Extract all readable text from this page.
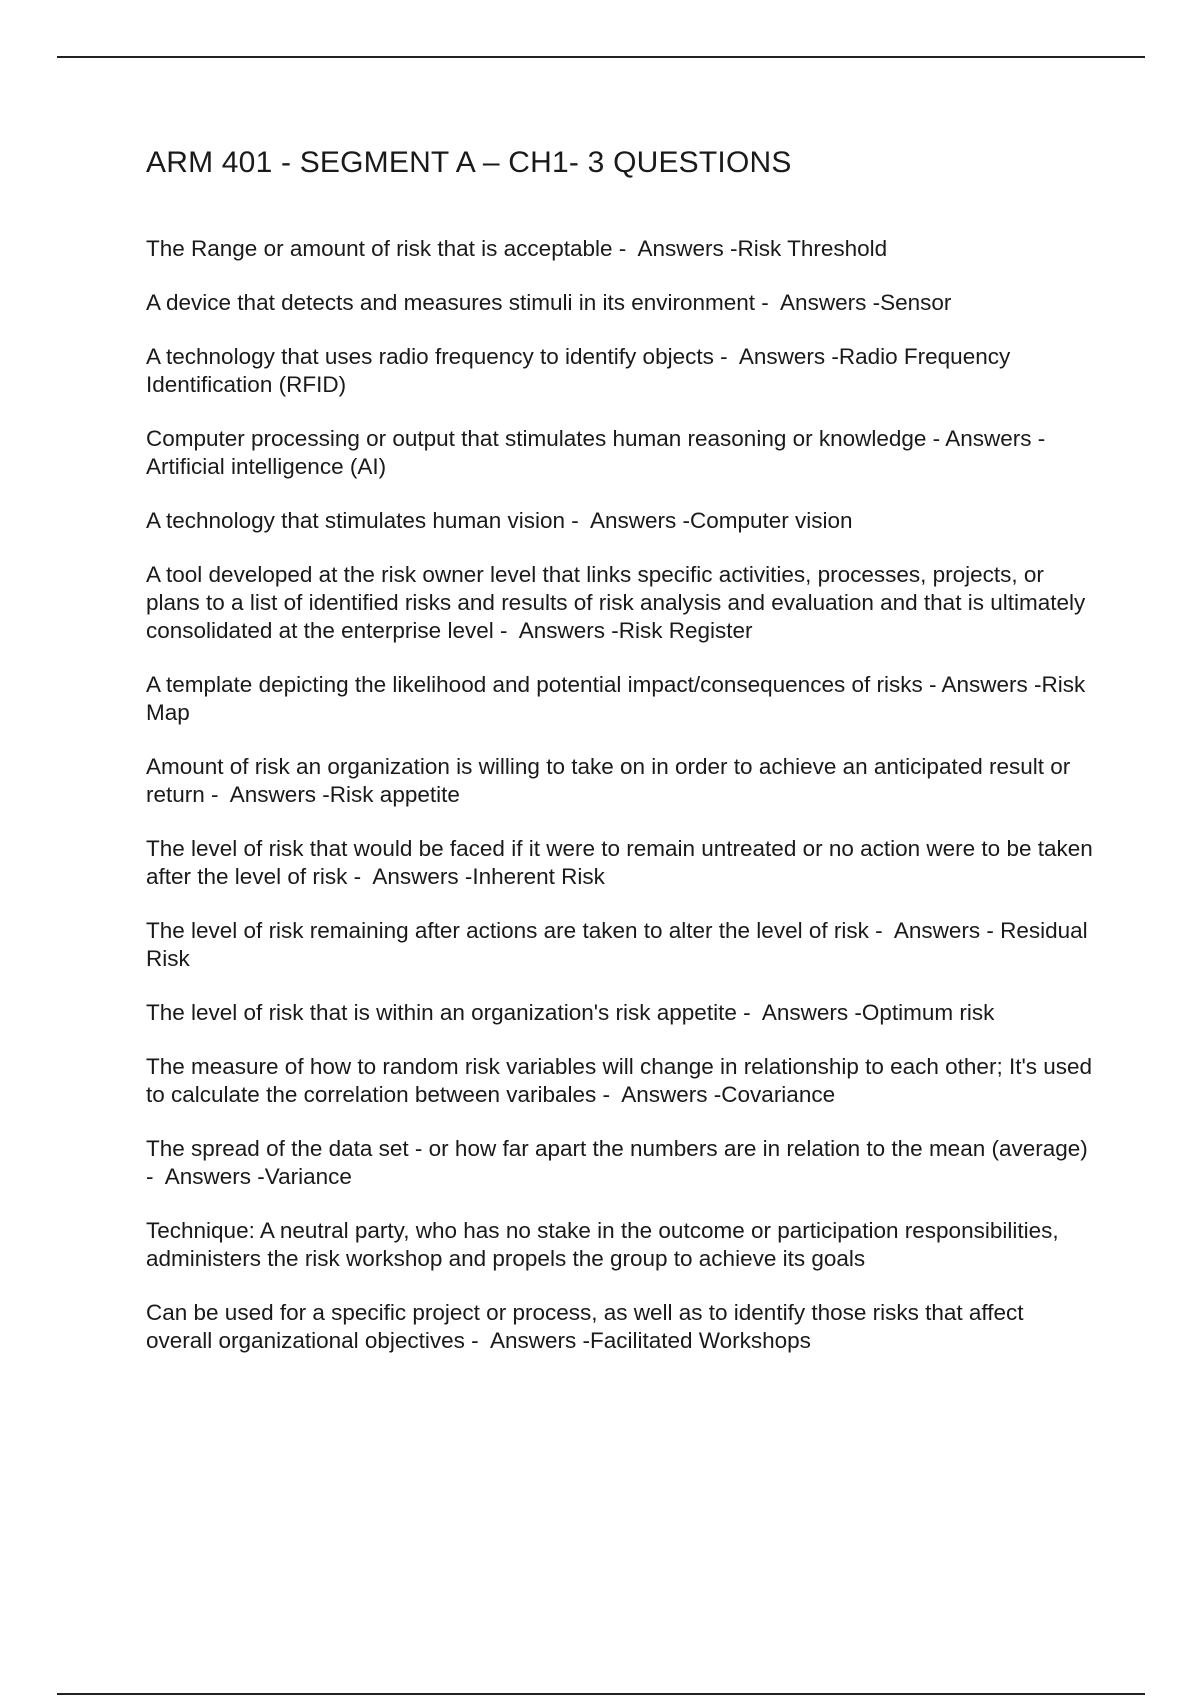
ARM 401 - SEGMENT A – CH1- 3 QUESTIONS

The Range or amount of risk that is acceptable -  Answers -Risk Threshold

A device that detects and measures stimuli in its environment -  Answers -Sensor

A technology that uses radio frequency to identify objects -  Answers -Radio Frequency Identification (RFID)

Computer processing or output that stimulates human reasoning or knowledge - Answers -Artificial intelligence (AI)

A technology that stimulates human vision -  Answers -Computer vision

A tool developed at the risk owner level that links specific activities, processes, projects, or plans to a list of identified risks and results of risk analysis and evaluation and that is ultimately consolidated at the enterprise level -  Answers -Risk Register

A template depicting the likelihood and potential impact/consequences of risks - Answers -Risk Map

Amount of risk an organization is willing to take on in order to achieve an anticipated result or return -  Answers -Risk appetite

The level of risk that would be faced if it were to remain untreated or no action were to be taken after the level of risk -  Answers -Inherent Risk

The level of risk remaining after actions are taken to alter the level of risk -  Answers - Residual Risk

The level of risk that is within an organization's risk appetite -  Answers -Optimum risk

The measure of how to random risk variables will change in relationship to each other; It's used to calculate the correlation between varibales -  Answers -Covariance

The spread of the data set - or how far apart the numbers are in relation to the mean (average) -  Answers -Variance

Technique: A neutral party, who has no stake in the outcome or participation responsibilities, administers the risk workshop and propels the group to achieve its goals

Can be used for a specific project or process, as well as to identify those risks that affect overall organizational objectives -  Answers -Facilitated Workshops
